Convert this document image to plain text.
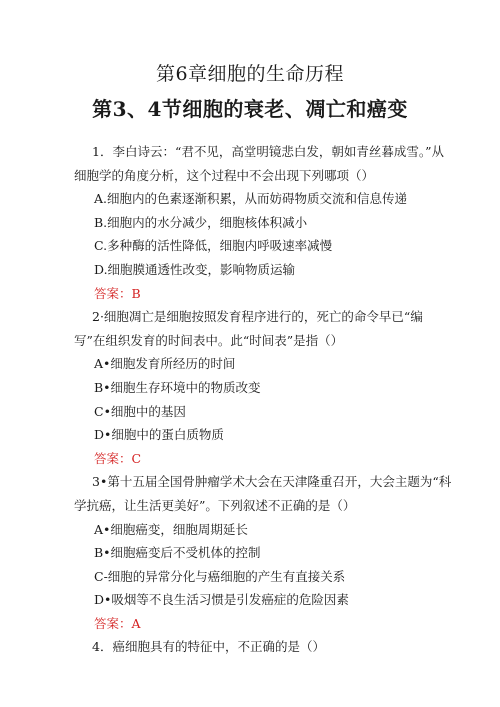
第6章细胞的生命历程
第3、4节细胞的衰老、凋亡和癌变

1．李白诗云：“君不见，高堂明镜悲白发，朝如青丝暮成雪。”从细胞学的角度分析，这个过程中不会出现下列哪项（）

A.细胞内的色素逐渐积累，从而妨碍物质交流和信息传递

B.细胞内的水分减少，细胞核体积减小

C.多种酶的活性降低，细胞内呼吸速率减慢

D.细胞膜通透性改变，影响物质运输

答案：B

2·细胞凋亡是细胞按照发育程序进行的，死亡的命令早已“编写”在组织发育的时间表中。此“时间表”是指（）

A•细胞发育所经历的时间

B•细胞生存环境中的物质改变

C•细胞中的基因

D•细胞中的蛋白质物质

答案：C

3•第十五届全国骨肿瘤学术大会在天津隆重召开，大会主题为“科学抗癌，让生活更美好”。下列叙述不正确的是（）

A•细胞癌变，细胞周期延长

B•细胞癌变后不受机体的控制

C-细胞的异常分化与癌细胞的产生有直接关系

D•吸烟等不良生活习惯是引发癌症的危险因素

答案：A

4．癌细胞具有的特征中，不正确的是（）
